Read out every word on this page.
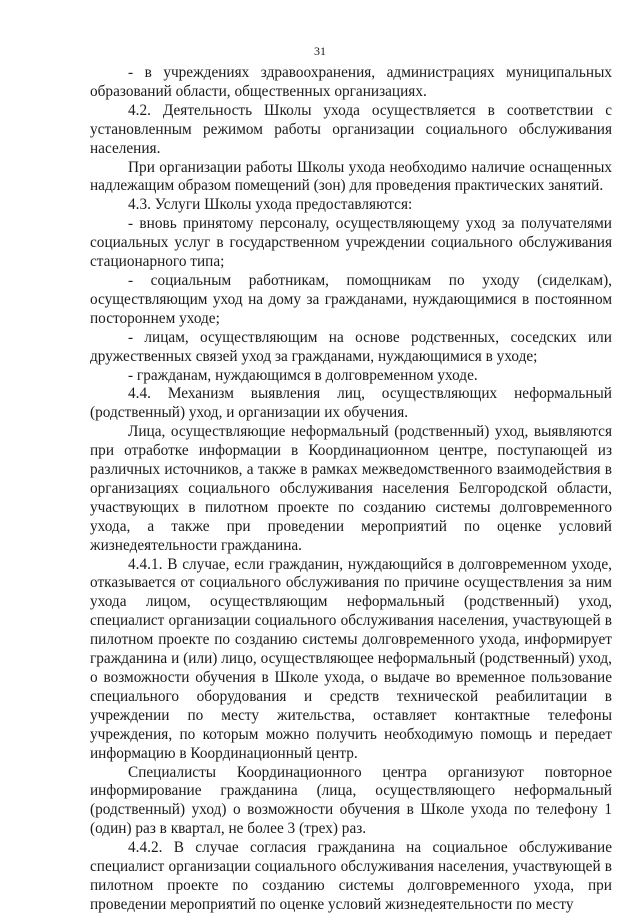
31

- в учреждениях здравоохранения, администрациях муниципальных образований области, общественных организациях.

4.2. Деятельность Школы ухода осуществляется в соответствии с установленным режимом работы организации социального обслуживания населения.

При организации работы Школы ухода необходимо наличие оснащенных надлежащим образом помещений (зон) для проведения практических занятий.

4.3. Услуги Школы ухода предоставляются:

- вновь принятому персоналу, осуществляющему уход за получателями социальных услуг в государственном учреждении социального обслуживания стационарного типа;

- социальным работникам, помощникам по уходу (сиделкам), осуществляющим уход на дому за гражданами, нуждающимися в постоянном постороннем уходе;

- лицам, осуществляющим на основе родственных, соседских или дружественных связей уход за гражданами, нуждающимися в уходе;

- гражданам, нуждающимся в долговременном уходе.

4.4. Механизм выявления лиц, осуществляющих неформальный (родственный) уход, и организации их обучения.

Лица, осуществляющие неформальный (родственный) уход, выявляются при отработке информации в Координационном центре, поступающей из различных источников, а также в рамках межведомственного взаимодействия в организациях социального обслуживания населения Белгородской области, участвующих в пилотном проекте по созданию системы долговременного ухода, а также при проведении мероприятий по оценке условий жизнедеятельности гражданина.

4.4.1. В случае, если гражданин, нуждающийся в долговременном уходе, отказывается от социального обслуживания по причине осуществления за ним ухода лицом, осуществляющим неформальный (родственный) уход, специалист организации социального обслуживания населения, участвующей в пилотном проекте по созданию системы долговременного ухода, информирует гражданина и (или) лицо, осуществляющее неформальный (родственный) уход, о возможности обучения в Школе ухода, о выдаче во временное пользование специального оборудования и средств технической реабилитации в учреждении по месту жительства, оставляет контактные телефоны учреждения, по которым можно получить необходимую помощь и передает информацию в Координационный центр.

Специалисты Координационного центра организуют повторное информирование гражданина (лица, осуществляющего неформальный (родственный) уход) о возможности обучения в Школе ухода по телефону 1 (один) раз в квартал, не более 3 (трех) раз.

4.4.2. В случае согласия гражданина на социальное обслуживание специалист организации социального обслуживания населения, участвующей в пилотном проекте по созданию системы долговременного ухода, при проведении мероприятий по оценке условий жизнедеятельности по месту
